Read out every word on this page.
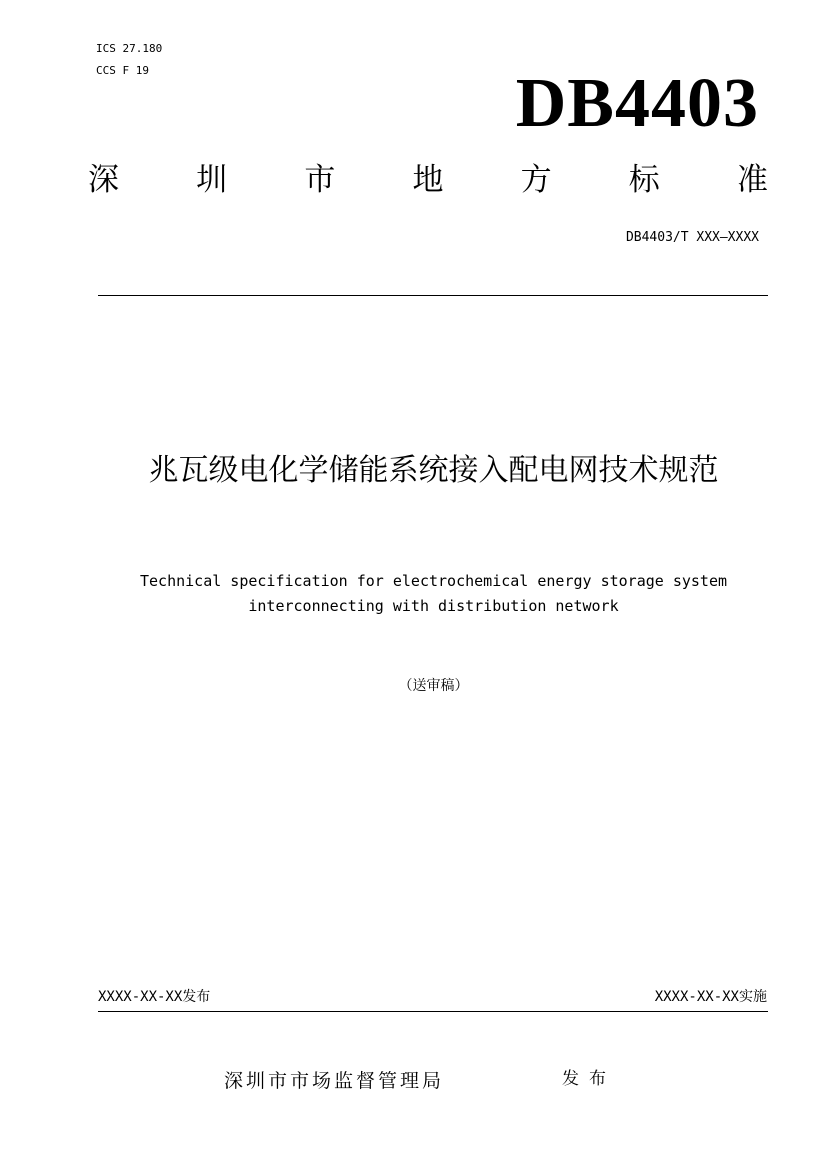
ICS 27.180
CCS F 19	DB4403
深 圳 市 地 方 标 准
DB4403/T XXX—XXXX
兆瓦级电化学储能系统接入配电网技术规范
Technical specification for electrochemical energy storage system
interconnecting with distribution network
（送审稿）
XXXX-XX-XX发布	XXXX-XX-XX实施
深圳市市场监督管理局	发布
